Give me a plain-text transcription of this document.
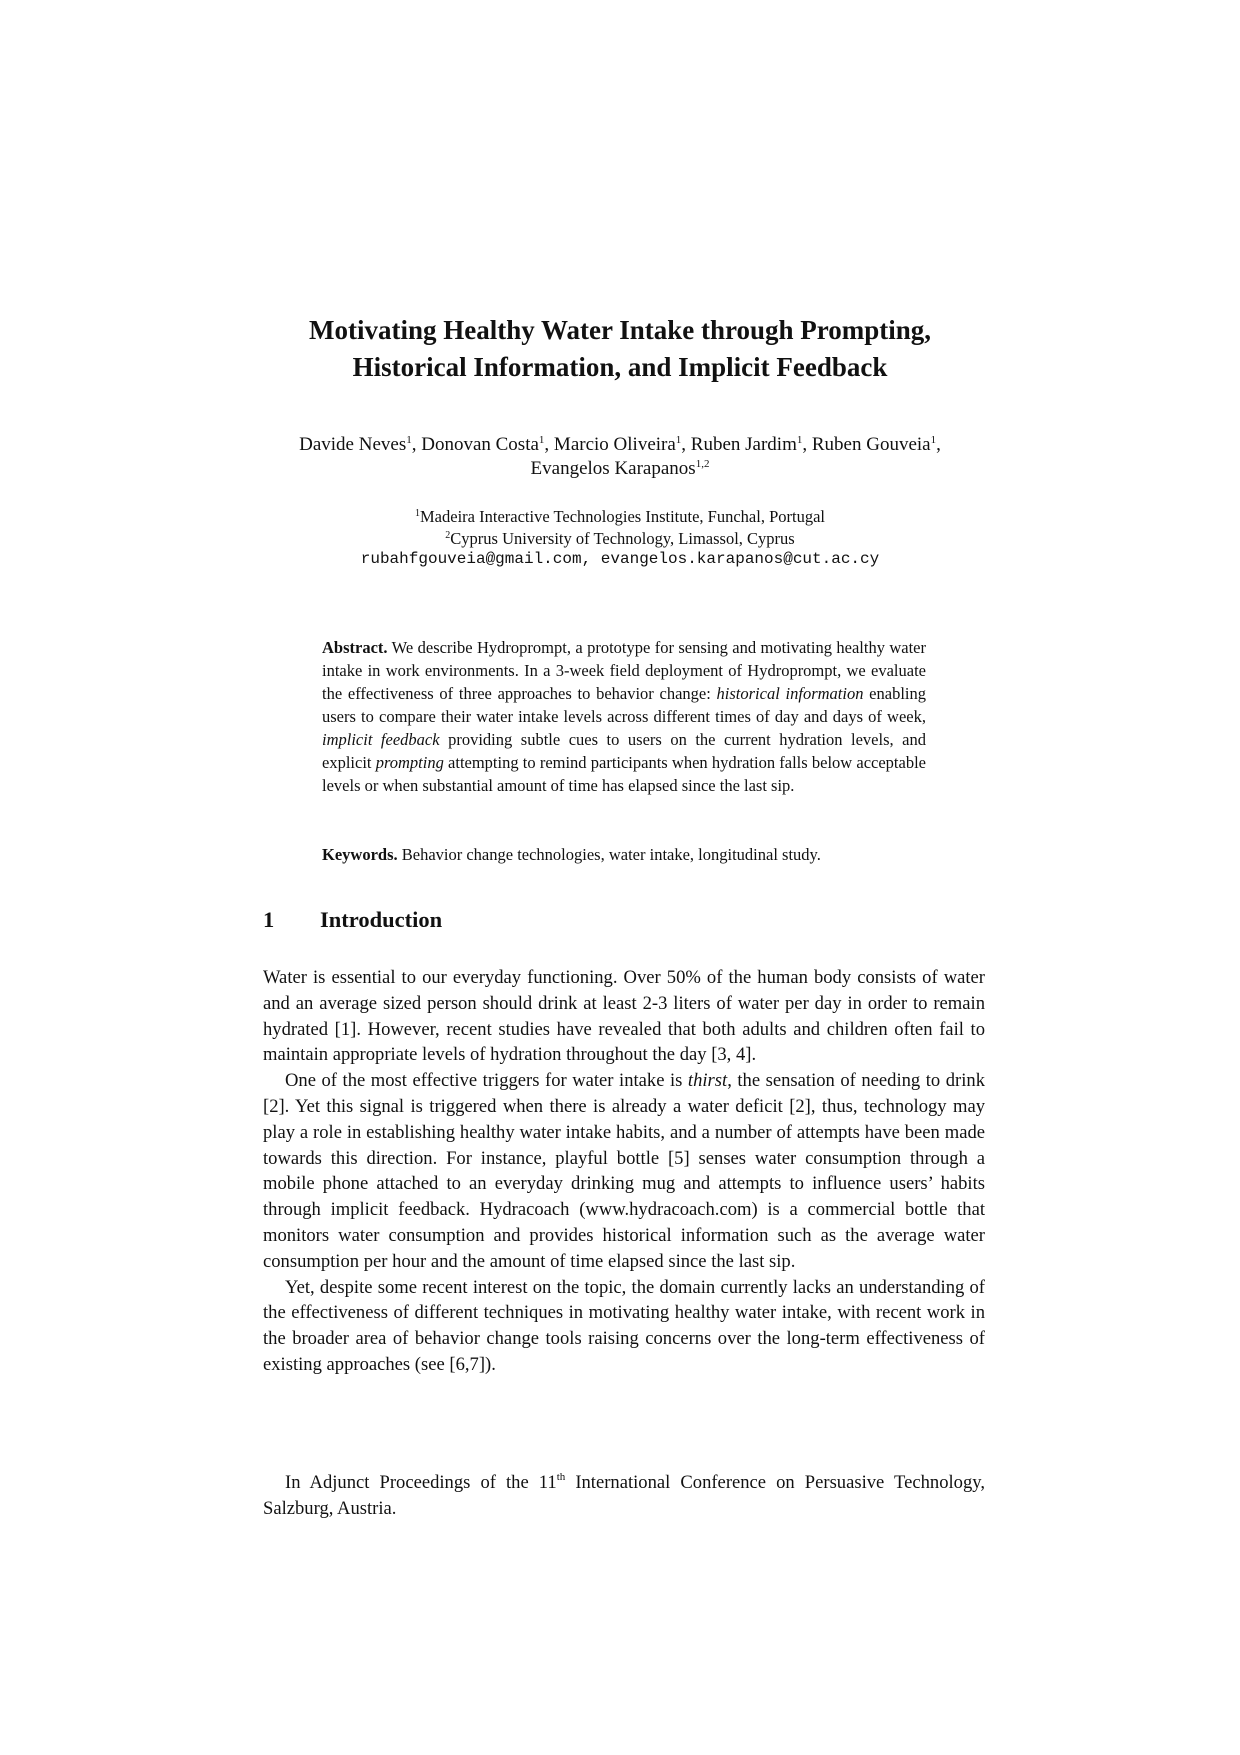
Motivating Healthy Water Intake through Prompting,
Historical Information, and Implicit Feedback
Davide Neves$^1$, Donovan Costa$^1$, Marcio Oliveira$^1$, Ruben Jardim$^1$, Ruben Gouveia$^1$,
Evangelos Karapanos$^{1,2}$
$^1$Madeira Interactive Technologies Institute, Funchal, Portugal
$^2$Cyprus University of Technology, Limassol, Cyprus
rubahfgouveia@gmail.com, evangelos.karapanos@cut.ac.cy
Abstract. We describe Hydroprompt, a prototype for sensing and motivating healthy water intake in work environments. In a 3-week field deployment of Hydroprompt, we evaluate the effectiveness of three approaches to behavior change: historical information enabling users to compare their water intake levels across different times of day and days of week, implicit feedback providing subtle cues to users on the current hydration levels, and explicit prompting attempting to remind participants when hydration falls below acceptable levels or when substantial amount of time has elapsed since the last sip.
Keywords. Behavior change technologies, water intake, longitudinal study.
1 Introduction

Water is essential to our everyday functioning. Over 50% of the human body consists of water and an average sized person should drink at least 2-3 liters of water per day in order to remain hydrated [1]. However, recent studies have revealed that both adults and children often fail to maintain appropriate levels of hydration throughout the day [3, 4].

One of the most effective triggers for water intake is thirst, the sensation of needing to drink [2]. Yet this signal is triggered when there is already a water deficit [2], thus, technology may play a role in establishing healthy water intake habits, and a number of attempts have been made towards this direction. For instance, playful bottle [5] senses water consumption through a mobile phone attached to an everyday drinking mug and attempts to influence users’ habits through implicit feedback. Hydracoach (www.hydracoach.com) is a commercial bottle that monitors water consumption and provides historical information such as the average water consumption per hour and the amount of time elapsed since the last sip.

Yet, despite some recent interest on the topic, the domain currently lacks an understanding of the effectiveness of different techniques in motivating healthy water intake, with recent work in the broader area of behavior change tools raising concerns over the long-term effectiveness of existing approaches (see [6,7]).

In Adjunct Proceedings of the 11th International Conference on Persuasive Technology, Salzburg, Austria.
